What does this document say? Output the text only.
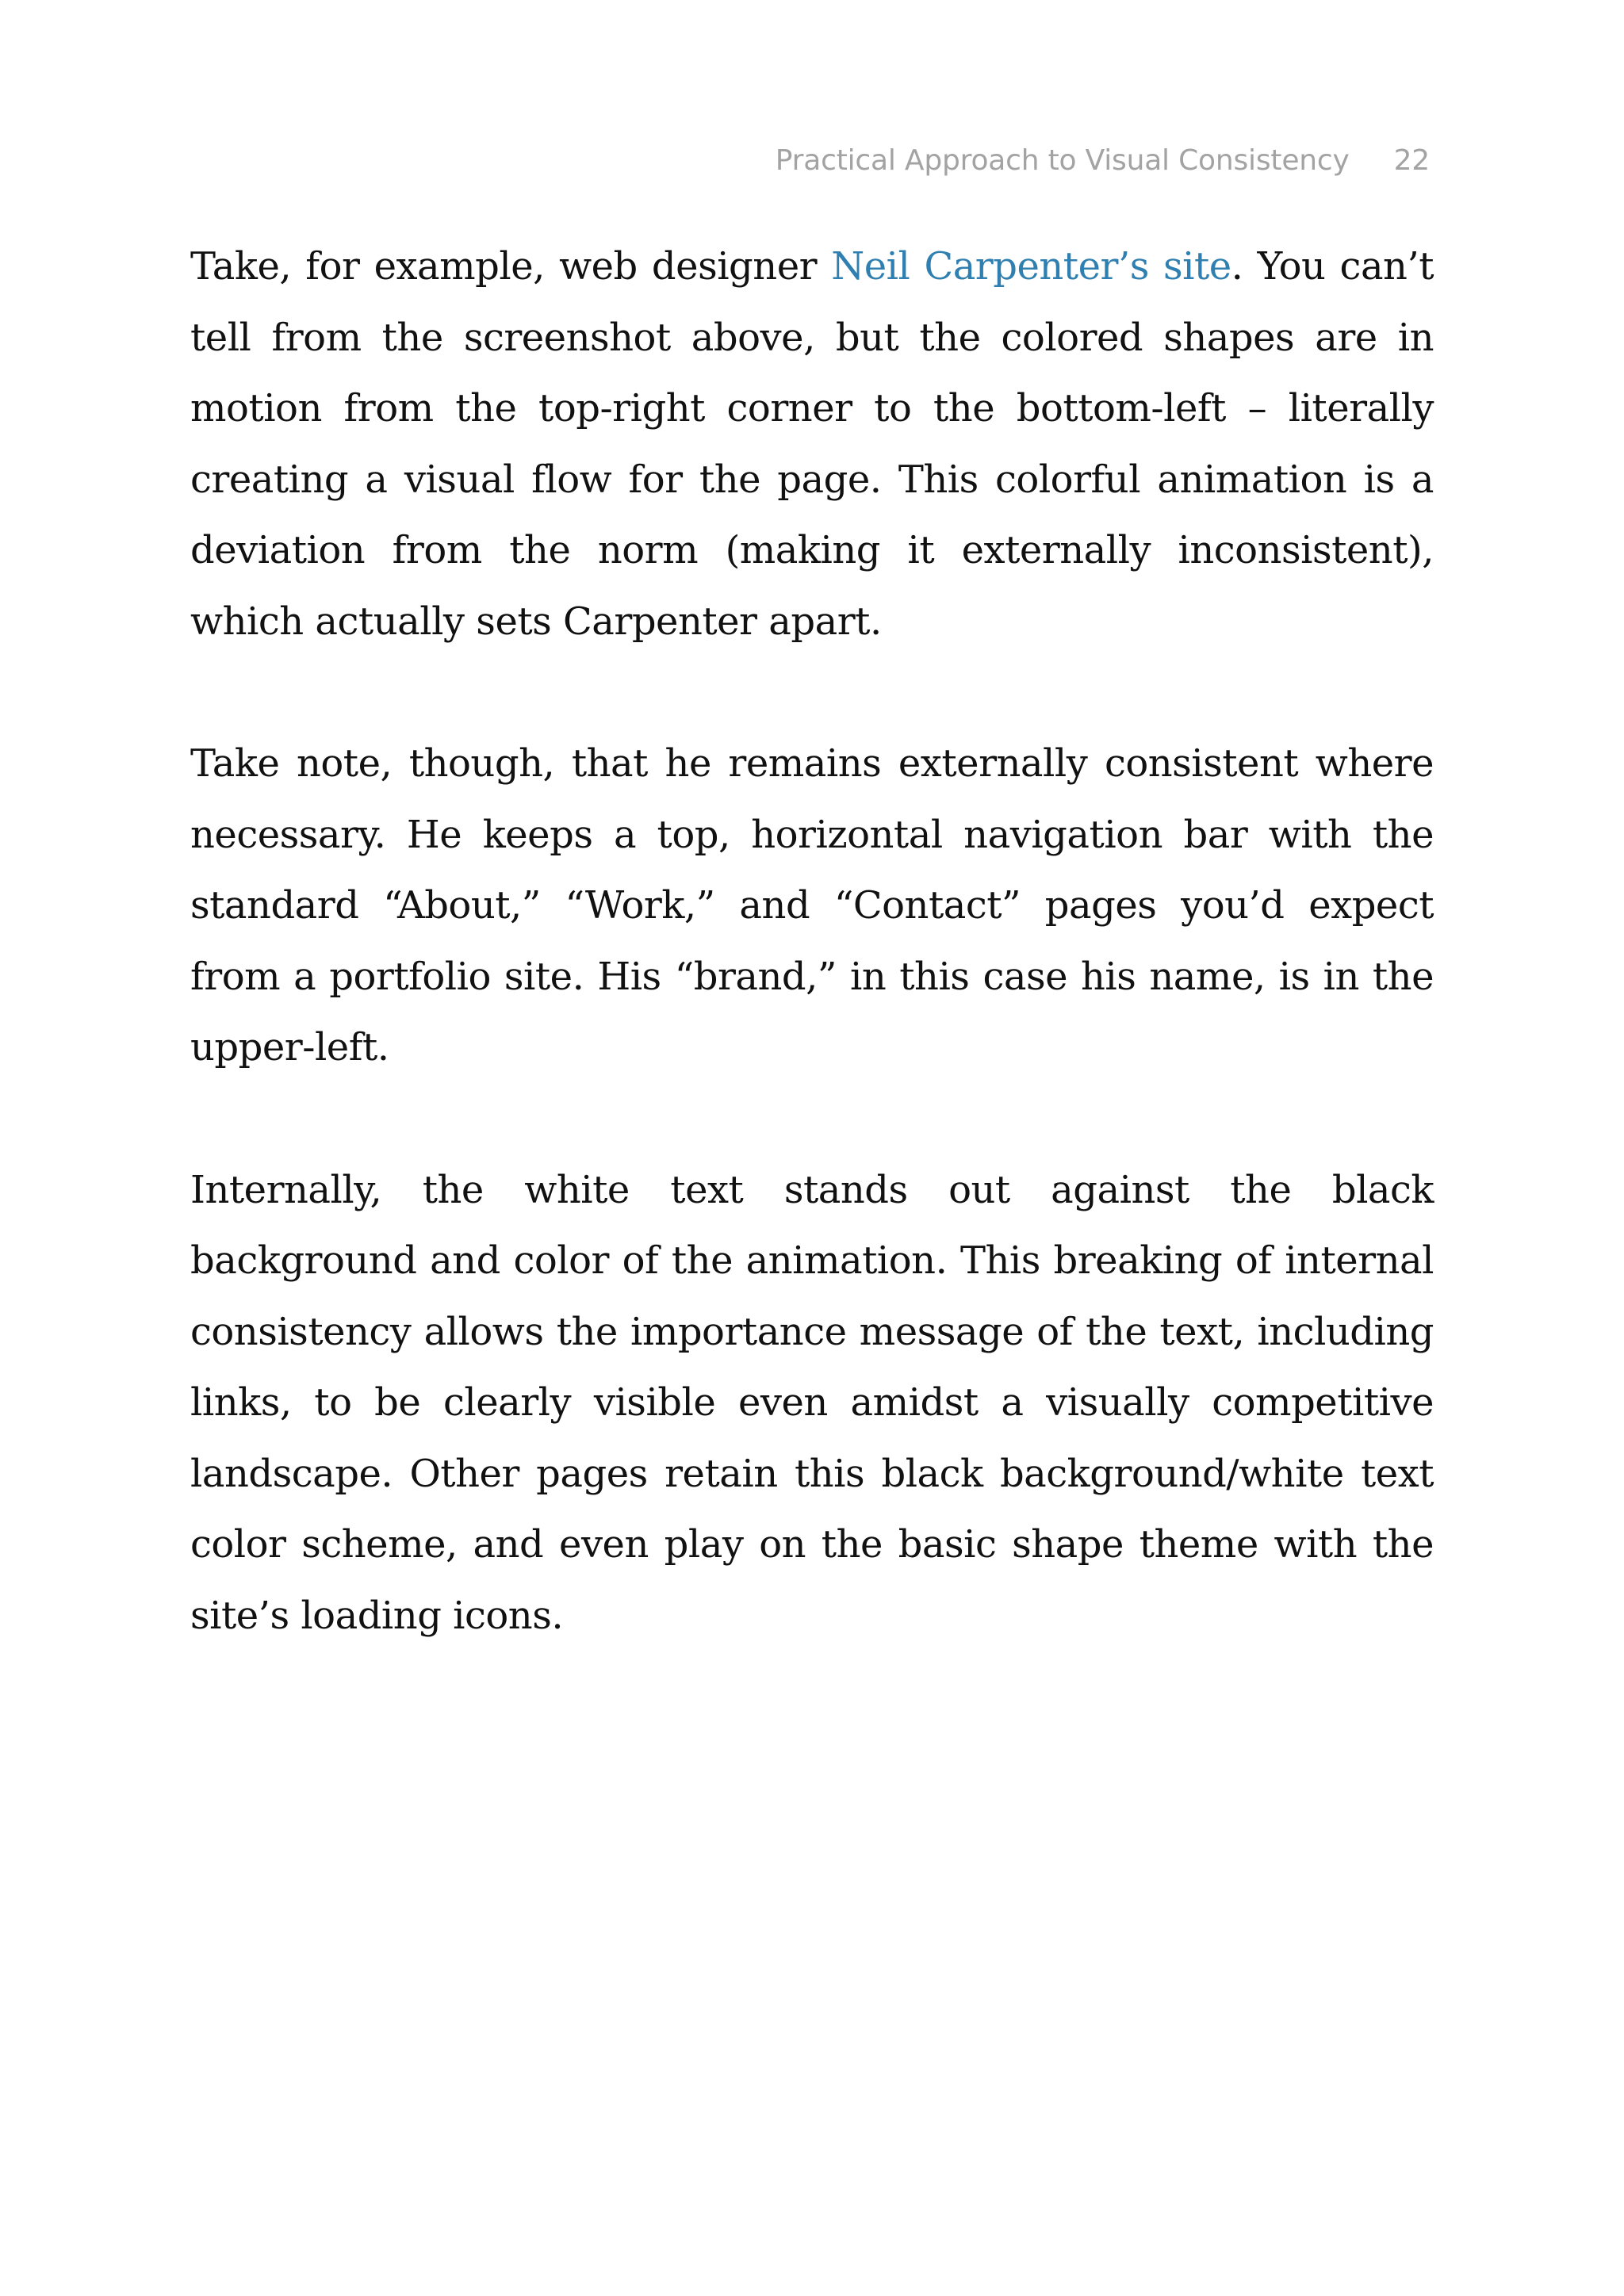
Practical Approach to Visual Consistency 22

Take, for example, web designer Neil Carpenter’s site. You can’t tell from the screenshot above, but the colored shapes are in motion from the top-right corner to the bottom-left – literally creating a visual flow for the page. This colorful animation is a deviation from the norm (making it externally inconsistent), which actually sets Carpenter apart.

Take note, though, that he remains externally consistent where necessary. He keeps a top, horizontal navigation bar with the standard “About,” “Work,” and “Contact” pages you’d expect from a portfolio site. His “brand,” in this case his name, is in the upper-left.

Internally, the white text stands out against the black background and color of the animation. This breaking of internal consistency allows the importance message of the text, including links, to be clearly visible even amidst a visually competitive landscape. Other pages retain this black background/white text color scheme, and even play on the basic shape theme with the site’s loading icons.
